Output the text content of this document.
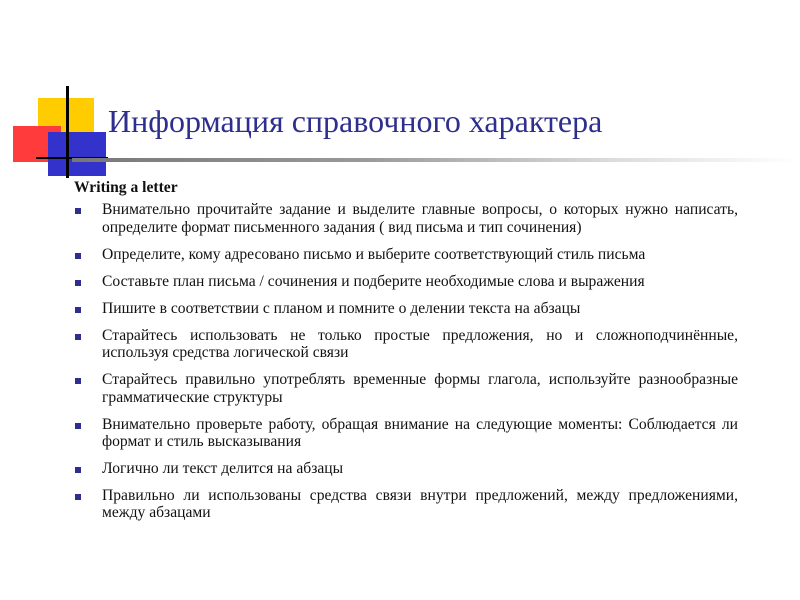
Информация справочного характера
Writing a letter
Внимательно прочитайте задание и выделите главные вопросы, о которых нужно написать, определите формат письменного задания ( вид письма и тип сочинения)
Определите, кому адресовано письмо и выберите соответствующий стиль письма
Составьте план письма / сочинения и подберите необходимые слова и выражения
Пишите в соответствии с планом и помните о делении текста на абзацы
Старайтесь использовать не только простые предложения, но и сложноподчинённые, используя средства логической связи
Старайтесь правильно употреблять временные формы глагола, используйте разнообразные грамматические структуры
Внимательно проверьте работу, обращая внимание на следующие моменты: Соблюдается ли формат и стиль высказывания
Логично ли текст делится на абзацы
Правильно ли использованы средства связи внутри предложений, между предложениями, между абзацами
